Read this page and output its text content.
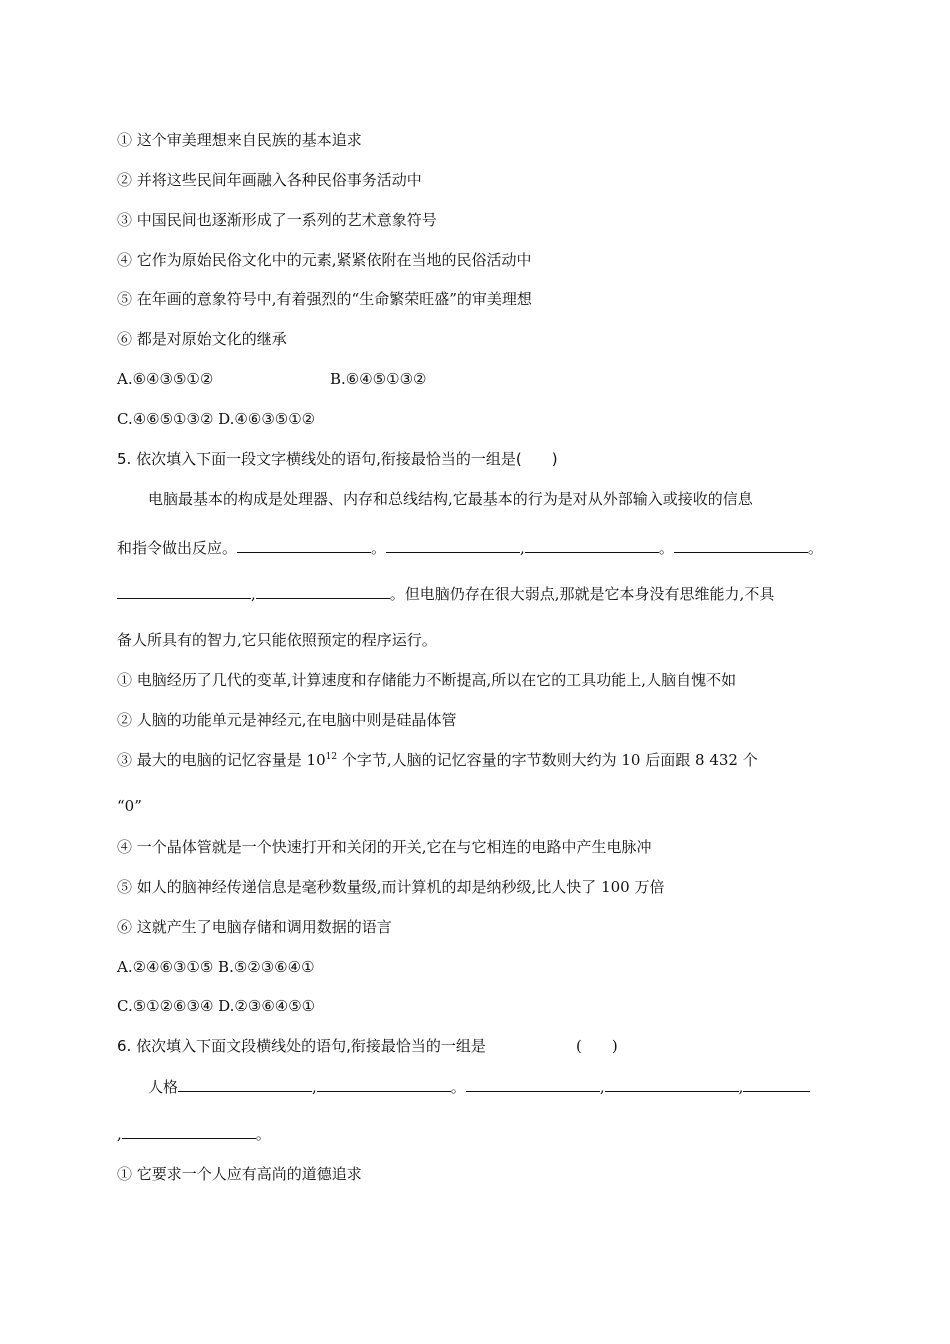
① 这个审美理想来自民族的基本追求
② 并将这些民间年画融入各种民俗事务活动中
③ 中国民间也逐渐形成了一系列的艺术意象符号
④ 它作为原始民俗文化中的元素,紧紧依附在当地的民俗活动中
⑤ 在年画的意象符号中,有着强烈的“生命繁荣旺盛”的审美理想
⑥ 都是对原始文化的继承
A.⑥④③⑤①②	B.⑥④⑤①③②
C.④⑥⑤①③② D.④⑥③⑤①②
5. 依次填入下面一段文字横线处的语句,衔接最恰当的一组是(　　)
电脑最基本的构成是处理器、内存和总线结构,它最基本的行为是对从外部输入或接收的信息
和指令做出反应。	。	,	。	。
,	。但电脑仍存在很大弱点,那就是它本身没有思维能力,不具
备人所具有的智力,它只能依照预定的程序运行。
① 电脑经历了几代的变革,计算速度和存储能力不断提高,所以在它的工具功能上,人脑自愧不如
② 人脑的功能单元是神经元,在电脑中则是硅晶体管
③ 最大的电脑的记忆容量是 $10^{12}$ 个字节,人脑的记忆容量的字节数则大约为 10 后面跟 8 432 个
“0”
④ 一个晶体管就是一个快速打开和关闭的开关,它在与它相连的电路中产生电脉冲
⑤ 如人的脑神经传递信息是毫秒数量级,而计算机的却是纳秒级,比人快了 100 万倍
⑥ 这就产生了电脑存储和调用数据的语言
A.②④⑥③①⑤ B.⑤②③⑥④①
C.⑤①②⑥③④ D.②③⑥④⑤①
6. 依次填入下面文段横线处的语句,衔接最恰当的一组是	(　　)
人格	,	。	,	,
,	。
① 它要求一个人应有高尚的道德追求
